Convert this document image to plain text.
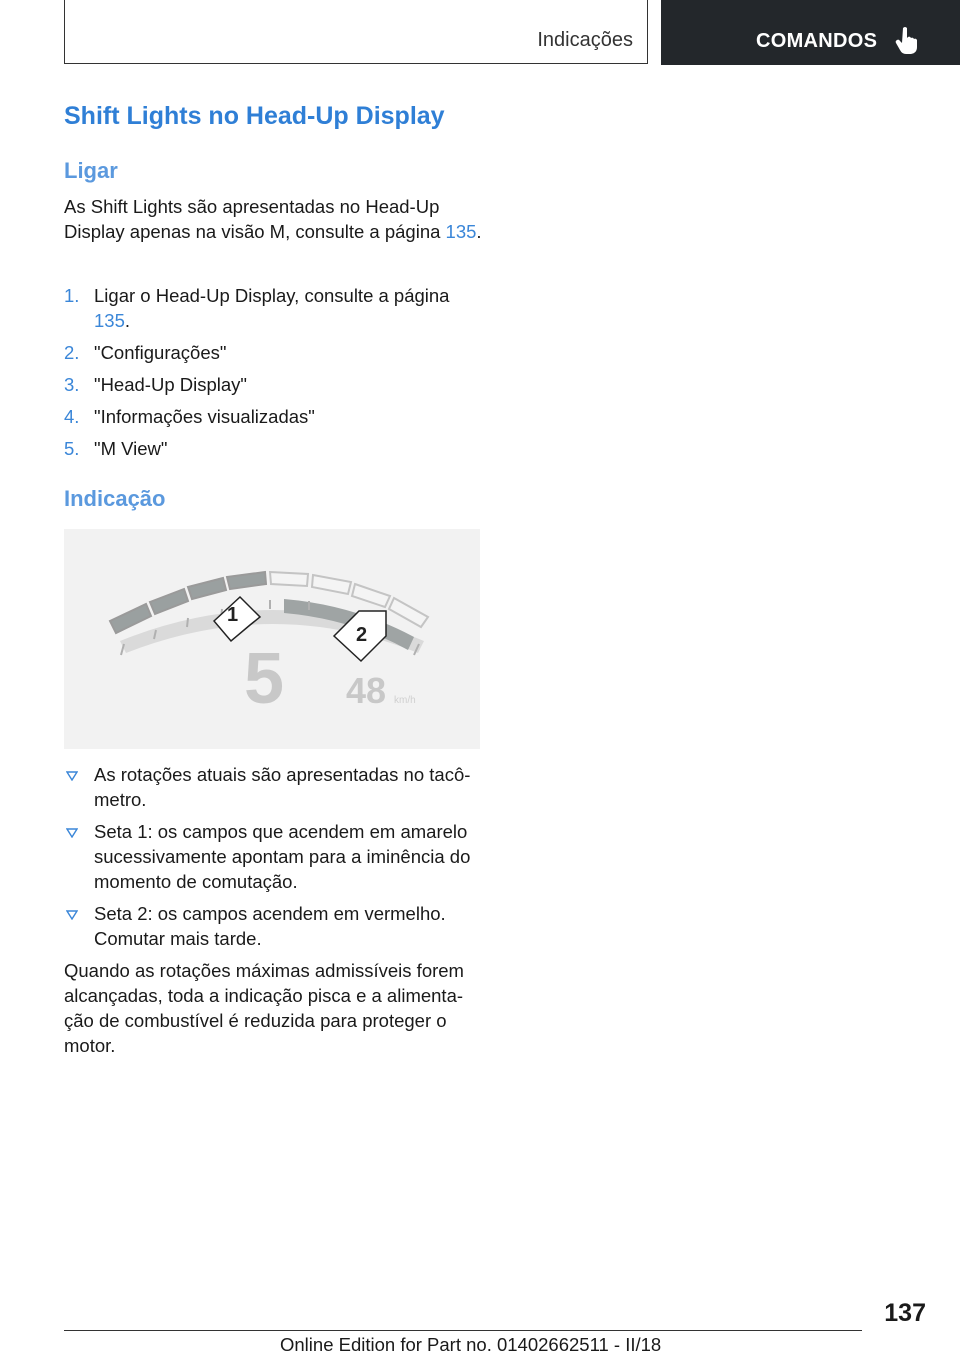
Indicações	COMANDOS
Shift Lights no Head-Up Display
Ligar

As Shift Lights são apresentadas no Head-Up Display apenas na visão M, consulte a página 135.

1. Ligar o Head-Up Display, consulte a página
135.
2. "Configurações"
3. "Head-Up Display"
4. "Informações visualizadas"
5. "M View"
Indicação
1
2
5 48 km/h
As rotações atuais são apresentadas no tacô-metro.
Seta 1: os campos que acendem em amarelo sucessivamente apontam para a iminência do momento de comutação.
Seta 2: os campos acendem em vermelho. Comutar mais tarde.

Quando as rotações máximas admissíveis forem alcançadas, toda a indicação pisca e a alimenta-ção de combustível é reduzida para proteger o motor.

137
Online Edition for Part no. 01402662511 - II/18
